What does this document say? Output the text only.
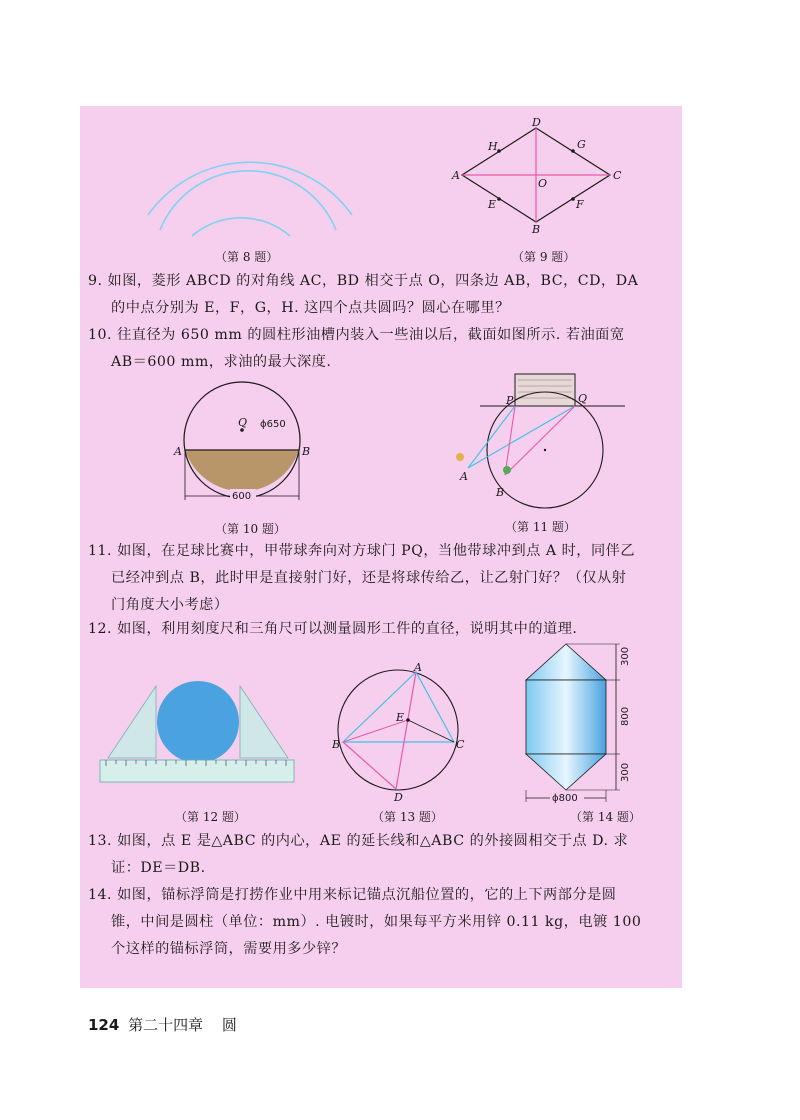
（第 8 题）
D
B
A	C
H	G
E	F
O
（第 9 题）

9. 如图，菱形 ABCD 的对角线 AC，BD 相交于点 O，四条边 AB，BC，CD，DA
的中点分别为 E，F，G，H. 这四个点共圆吗？圆心在哪里？

10. 往直径为 650 mm 的圆柱形油槽内装入一些油以后，截面如图所示. 若油面宽
AB＝600 mm，求油的最大深度.

Q ϕ650
A	B
600
（第 10 题）
P	Q
A
B
（第 11 题）

11. 如图，在足球比赛中，甲带球奔向对方球门 PQ，当他带球冲到点 A 时，同伴乙
已经冲到点 B，此时甲是直接射门好，还是将球传给乙，让乙射门好？（仅从射
门角度大小考虑）

12. 如图，利用刻度尺和三角尺可以测量圆形工件的直径，说明其中的道理.

（第 12 题）
A
B	C
D
E
（第 13 题）
300
800
300
ϕ800
（第 14 题）

13. 如图，点 E 是△ABC 的内心，AE 的延长线和△ABC 的外接圆相交于点 D. 求
证：DE＝DB.

14. 如图，锚标浮筒是打捞作业中用来标记锚点沉船位置的，它的上下两部分是圆
锥，中间是圆柱（单位：mm）. 电镀时，如果每平方米用锌 0.11 kg，电镀 100
个这样的锚标浮筒，需要用多少锌？

124 第二十四章 圆
